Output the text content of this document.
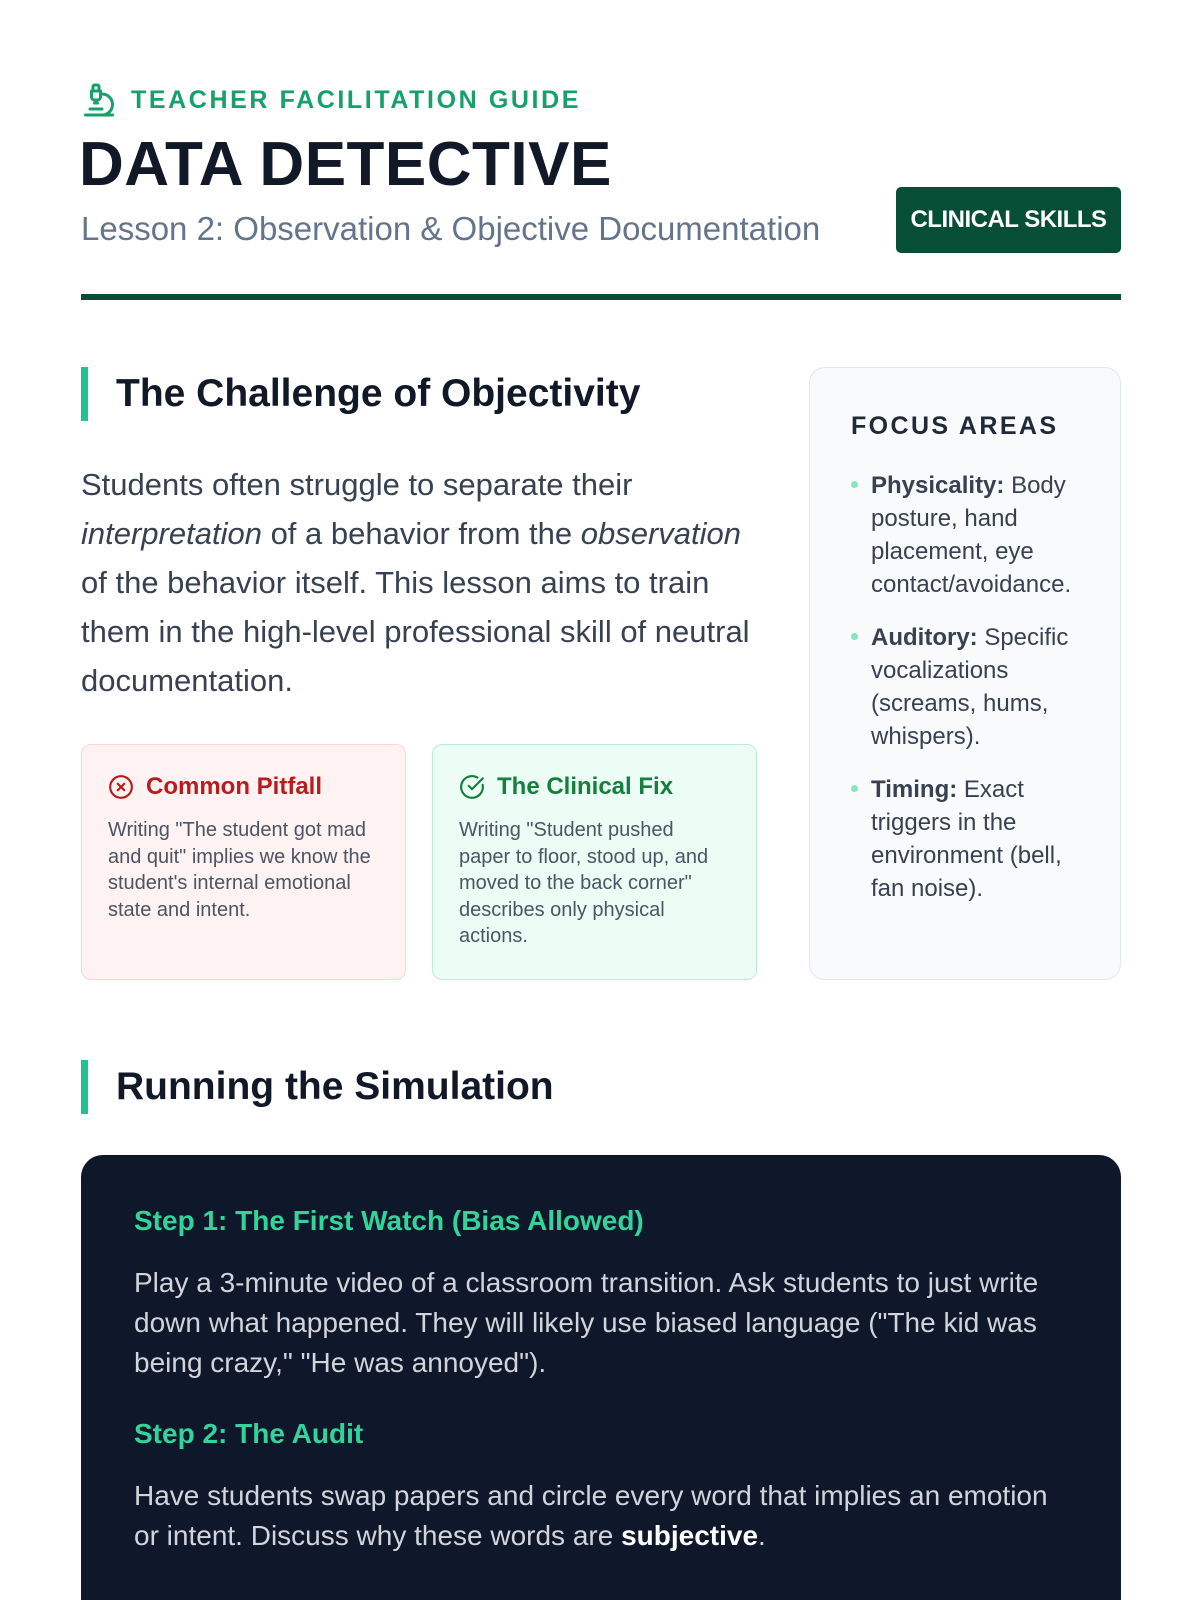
TEACHER FACILITATION GUIDE
DATA DETECTIVE
Lesson 2: Observation & Objective Documentation	CLINICAL SKILLS
The Challenge of Objectivity

Students often struggle to separate their interpretation of a behavior from the observation of the behavior itself. This lesson aims to train them in the high-level professional skill of neutral documentation.

Common Pitfall

Writing "The student got mad and quit" implies we know the student's internal emotional state and intent.

The Clinical Fix

Writing "Student pushed paper to floor, stood up, and moved to the back corner" describes only physical actions.

FOCUS AREAS
Physicality: Body posture, hand placement, eye contact/avoidance.
Auditory: Specific vocalizations (screams, hums, whispers).
Timing: Exact triggers in the environment (bell, fan noise).
Running the Simulation
Step 1: The First Watch (Bias Allowed)

Play a 3-minute video of a classroom transition. Ask students to just write down what happened. They will likely use biased language ("The kid was being crazy," "He was annoyed").

Step 2: The Audit

Have students swap papers and circle every word that implies an emotion or intent. Discuss why these words are subjective.
